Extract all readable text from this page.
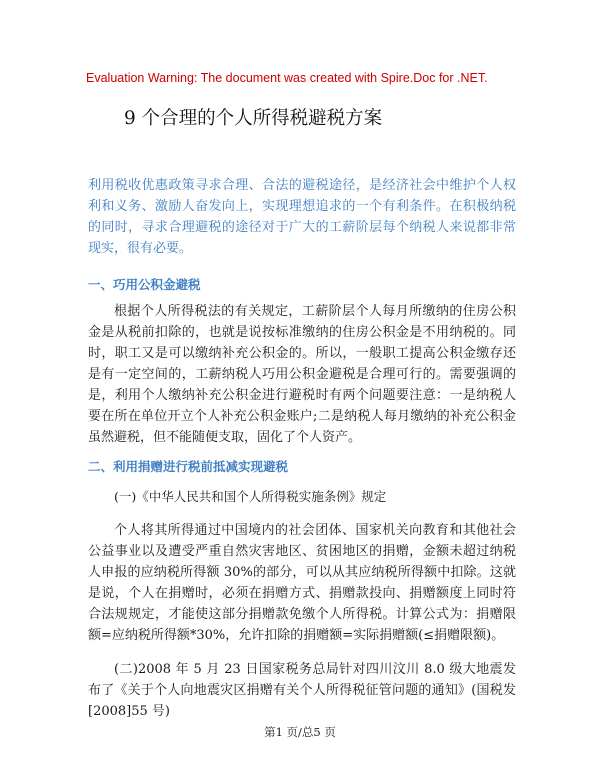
Evaluation Warning: The document was created with Spire.Doc for .NET.
9 个合理的个人所得税避税方案
利用税收优惠政策寻求合理、合法的避税途径，是经济社会中维护个人权利和义务、激励人奋发向上，实现理想追求的一个有利条件。在积极纳税的同时，寻求合理避税的途径对于广大的工薪阶层每个纳税人来说都非常现实，很有必要。
一、巧用公积金避税
根据个人所得税法的有关规定，工薪阶层个人每月所缴纳的住房公积金是从税前扣除的，也就是说按标准缴纳的住房公积金是不用纳税的。同时，职工又是可以缴纳补充公积金的。所以，一般职工提高公积金缴存还是有一定空间的，工薪纳税人巧用公积金避税是合理可行的。需要强调的是，利用个人缴纳补充公积金进行避税时有两个问题要注意：一是纳税人要在所在单位开立个人补充公积金账户;二是纳税人每月缴纳的补充公积金虽然避税，但不能随便支取，固化了个人资产。
二、利用捐赠进行税前抵减实现避税
(一)《中华人民共和国个人所得税实施条例》规定
个人将其所得通过中国境内的社会团体、国家机关向教育和其他社会公益事业以及遭受严重自然灾害地区、贫困地区的捐赠，金额未超过纳税人申报的应纳税所得额 30%的部分，可以从其应纳税所得额中扣除。这就是说，个人在捐赠时，必须在捐赠方式、捐赠款投向、捐赠额度上同时符合法规规定，才能使这部分捐赠款免缴个人所得税。计算公式为：捐赠限额=应纳税所得额*30%，允许扣除的捐赠额=实际捐赠额(≤捐赠限额)。
(二)2008 年 5 月 23 日国家税务总局针对四川汶川 8.0 级大地震发布了《关于个人向地震灾区捐赠有关个人所得税征管问题的通知》(国税发[2008]55 号)
第1 页/总5 页
